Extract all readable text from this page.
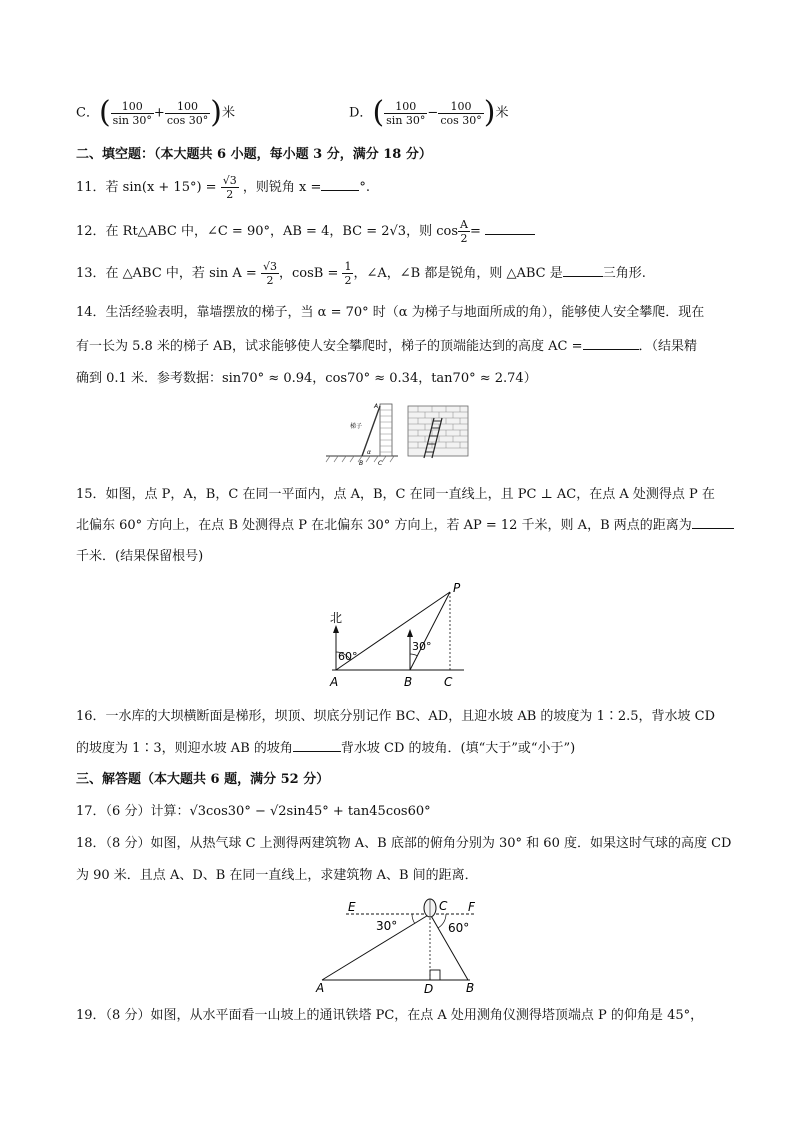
C．( $\frac{100}{\sin 30^\circ} + \frac{100}{\cos 30^\circ}$ )米	D．( $\frac{100}{\sin 30^\circ} - \frac{100}{\cos 30^\circ}$ )米
二、填空题：（本大题共 6 小题，每小题 3 分，满分 18 分）
11．若 $\sin(x + 15^\circ) = \frac{√3}{2}$ ，则锐角 x =	°.
12．在 Rt△ABC 中，∠C = 90°，AB = 4，BC = 2√3，则 $\cos \frac{A}{2}$ =
13．在 △ABC 中，若 $\sin A = \frac{√3}{2}$ ，$\cos B = \frac{1}{2}$ ，∠A，∠B 都是锐角，则 △ABC 是	三角形.
14．生活经验表明，靠墙摆放的梯子，当 α = 70° 时（α 为梯子与地面所成的角），能够使人安全攀爬．现在
有一长为 5.8 米的梯子 AB，试求能够使人安全攀爬时，梯子的顶端能达到的高度 AC =	．（结果精
确到 0.1 米．参考数据：sin70° ≈ 0.94，cos70° ≈ 0.34，tan70° ≈ 2.74）
A
梯子
α
B C
15．如图，点 P，A，B，C 在同一平面内，点 A，B，C 在同一直线上，且 PC ⊥ AC，在点 A 处测得点 P 在
北偏东 60° 方向上，在点 B 处测得点 P 在北偏东 30° 方向上，若 AP = 12 千米，则 A，B 两点的距离为
千米．(结果保留根号)
北
60°
30°
A	B	C
P
16．一水库的大坝横断面是梯形，坝顶、坝底分别记作 BC、AD，且迎水坡 AB 的坡度为 1∶2.5，背水坡 CD
的坡度为 1∶3，则迎水坡 AB 的坡角	背水坡 CD 的坡角．(填“大于”或“小于”)
三、解答题（本大题共 6 题，满分 52 分）
17．（6 分）计算：√3cos30° − √2sin45° + tan45cos60°
18．（8 分）如图，从热气球 C 上测得两建筑物 A、B 底部的俯角分别为 30° 和 60 度．如果这时气球的高度 CD
为 90 米．且点 A、D、B 在同一直线上，求建筑物 A、B 间的距离．
E	C F
30°	60°
A	D	B
19．（8 分）如图，从水平面看一山坡上的通讯铁塔 PC，在点 A 处用测角仪测得塔顶端点 P 的仰角是 45°，
